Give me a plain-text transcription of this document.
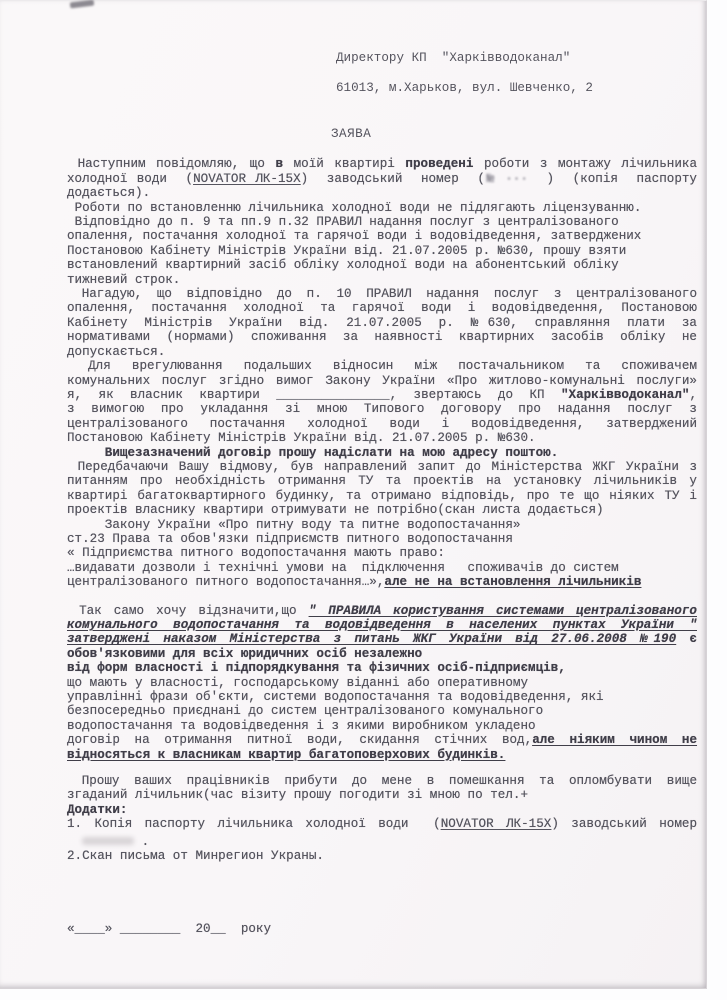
Директору КП  "Харківводоканал"
61013, м.Харьков, вул. Шевченко, 2
ЗАЯВА
Наступним повідомляю, що в моїй квартирі проведені роботи з монтажу лічильника
холодної води  (NOVATOR ЛК-15Х)  заводський  номер  (№ ···  )  (копія  паспорту
додається).
Роботи по встановленню лічильника холодної води не підлягають ліцензуванню.
Відповідно до п. 9 та пп.9 п.32 ПРАВИЛ надання послуг з централізованого
опалення, постачання холодної та гарячої води і водовідведення, затверджених
Постановою Кабінету Міністрів України від. 21.07.2005 р. №630, прошу взяти
встановлений квартирний засіб обліку холодної води на абонентський обліку
тижневий строк.
Нагадую, що відповідно до п. 10 ПРАВИЛ надання послуг з централізованого
опалення, постачання холодної та гарячої води і водовідведення, Постановою
Кабінету Міністрів України від. 21.07.2005 р. №630, справляння плати за
нормативами (нормами) споживання за наявності квартирних засобів обліку не
допускається.
Для врегулювання подальших відносин між постачальником та споживачем
комунальних послуг згідно вимог Закону України «Про житлово-комунальні послуги»
я, як власник квартири _______________, звертаюсь до КП "Харківводоканал",
з вимогою про укладання зі мною Типового договору про надання послуг з
централізованого постачання холодної води і водовідведення, затверджений
Постановою Кабінету Міністрів України від. 21.07.2005 р. №630.
Вищезазначений договір прошу надіслати на мою адресу поштою.
Передбачаючи Вашу відмову, був направлений запит до Міністерства ЖКГ України з
питанням про необхідність отримання ТУ та проектів на установку лічильників у
квартирі багатоквартирного будинку, та отримано відповідь, про те що ніяких ТУ і
проектів власнику квартири отримувати не потрібно(скан листа додається)
Закону України «Про питну воду та питне водопостачання»
ст.23 Права та обов'язки підприємств питного водопостачання
« Підприємства питного водопостачання мають право:
…видавати дозволи і технічні умови на  підключення   споживачів до систем
централізованого питного водопостачання…»,але не на встановлення лічильників
Так само хочу відзначити,що " ПРАВИЛА користування системами централізованого
комунального водопостачання та водовідведення в населених пунктах України "
затверджені наказом Міністерства з питань ЖКГ України від 27.06.2008 №190 є
обов'язковими для всіх юридичних осіб незалежно
від форм власності і підпорядкування та фізичних осіб-підприємців,
що мають у власності, господарському віданні або оперативному
управлінні фрази об'єкти, системи водопостачання та водовідведення, які
безпосередньо приєднані до систем централізованого комунального
водопостачання та водовідведення і з якими виробником укладено
договір на отримання питної води, скидання стічних вод,але ніяким чином не
відносяться к власникам квартир багатоповерхових будинків.
Прошу ваших працівників прибути до мене в помешкання та опломбувати вище
згаданий лічильник(час візиту прошу погодити зі мною по тел.+
Додатки:
1. Копія паспорту лічильника холодної води  (NOVATOR ЛК-15Х) заводський номер
.
2.Скан письма от Минрегион Украны.
«____» ________  20__  року
